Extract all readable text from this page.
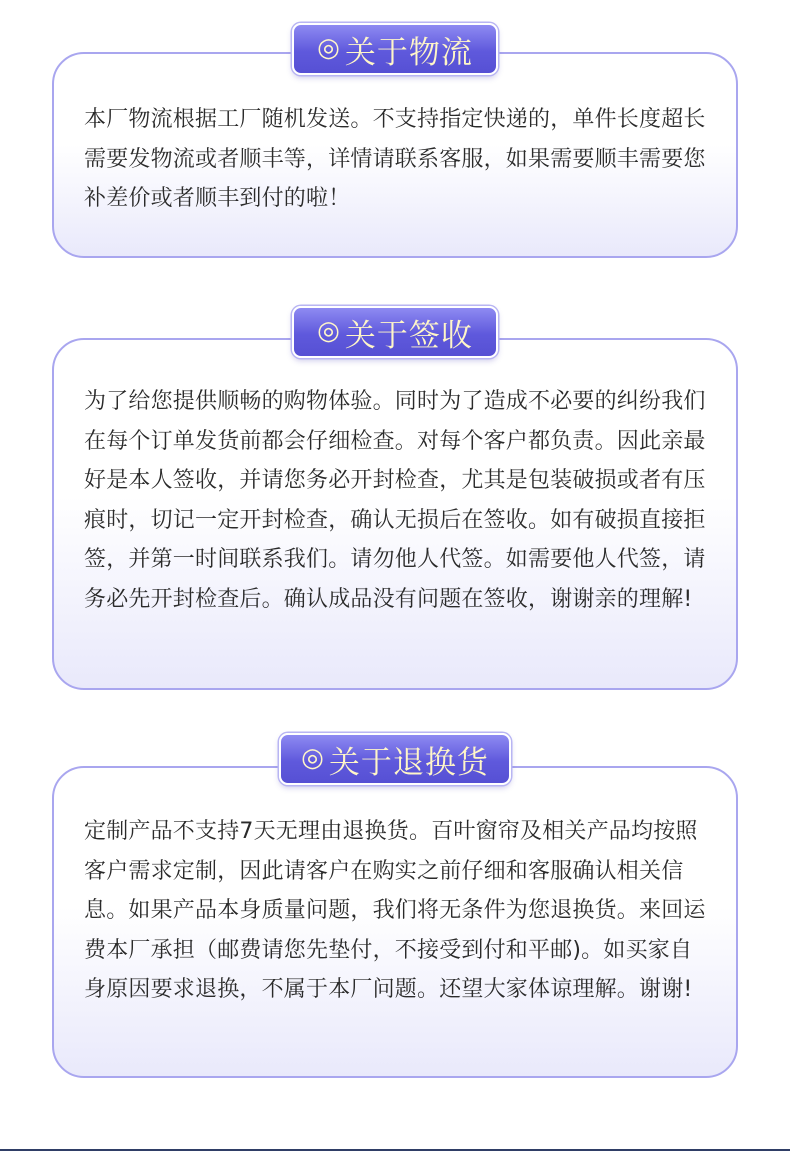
本厂物流根据工厂随机发送。不支持指定快递的，单件长度超长需要发物流或者顺丰等，详情请联系客服，如果需要顺丰需要您补差价或者顺丰到付的啦！

◎ 关于物流

为了给您提供顺畅的购物体验。同时为了造成不必要的纠纷我们在每个订单发货前都会仔细检查。对每个客户都负责。因此亲最好是本人签收，并请您务必开封检查，尤其是包装破损或者有压痕时，切记一定开封检查，确认无损后在签收。如有破损直接拒签，并第一时间联系我们。请勿他人代签。如需要他人代签，请务必先开封检查后。确认成品没有问题在签收，谢谢亲的理解!

◎ 关于签收

定制产品不支持7天无理由退换货。百叶窗帘及相关产品均按照客户需求定制，因此请客户在购实之前仔细和客服确认相关信息。如果产品本身质量问题，我们将无条件为您退换货。来回运费本厂承担（邮费请您先垫付，不接受到付和平邮)。如买家自身原因要求退换，不属于本厂问题。还望大家体谅理解。谢谢!

◎ 关于退换货
